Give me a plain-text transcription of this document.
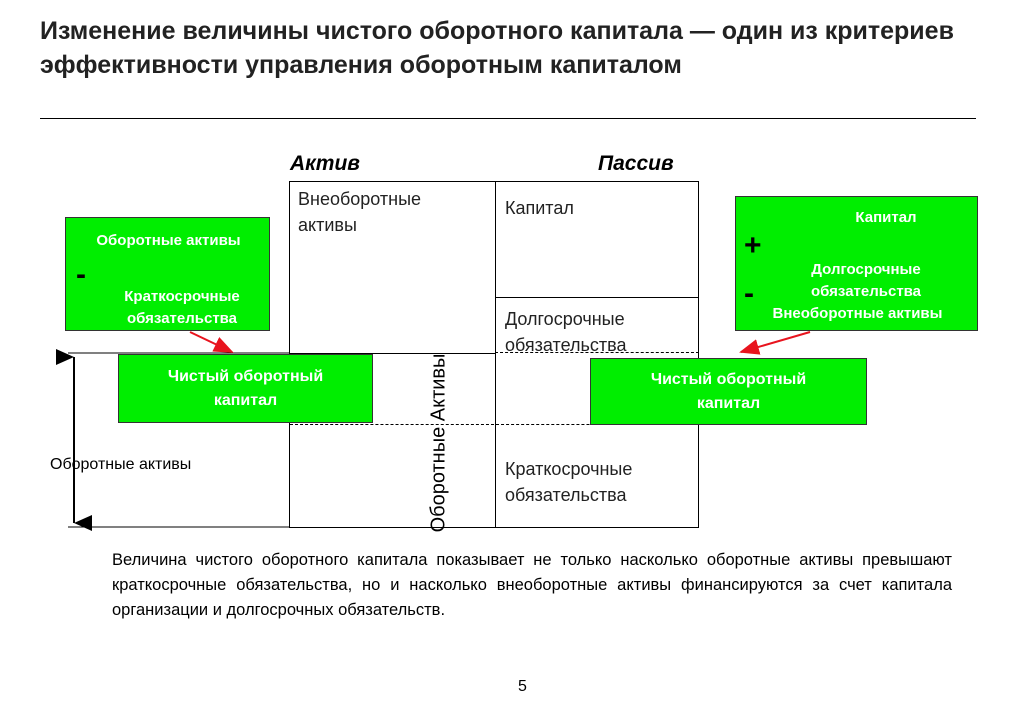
Изменение величины чистого оборотного капитала — один из критериев эффективности управления оборотным капиталом
Актив	Пассив
Внеоборотные активы
Капитал
Долгосрочные обязательства
Оборотные Активы	Краткосрочные обязательства
Оборотные активы
-
Краткосрочные обязательства
Капитал
+
Долгосрочные обязательства
-
Внеоборотные активы
Чистый оборотный капитал
Чистый оборотный капитал
Оборотные активы
Величина чистого оборотного капитала показывает не только насколько оборотные активы превышают краткосрочные обязательства, но и насколько внеоборотные активы финансируются за счет капитала организации и долгосрочных обязательств.
5
